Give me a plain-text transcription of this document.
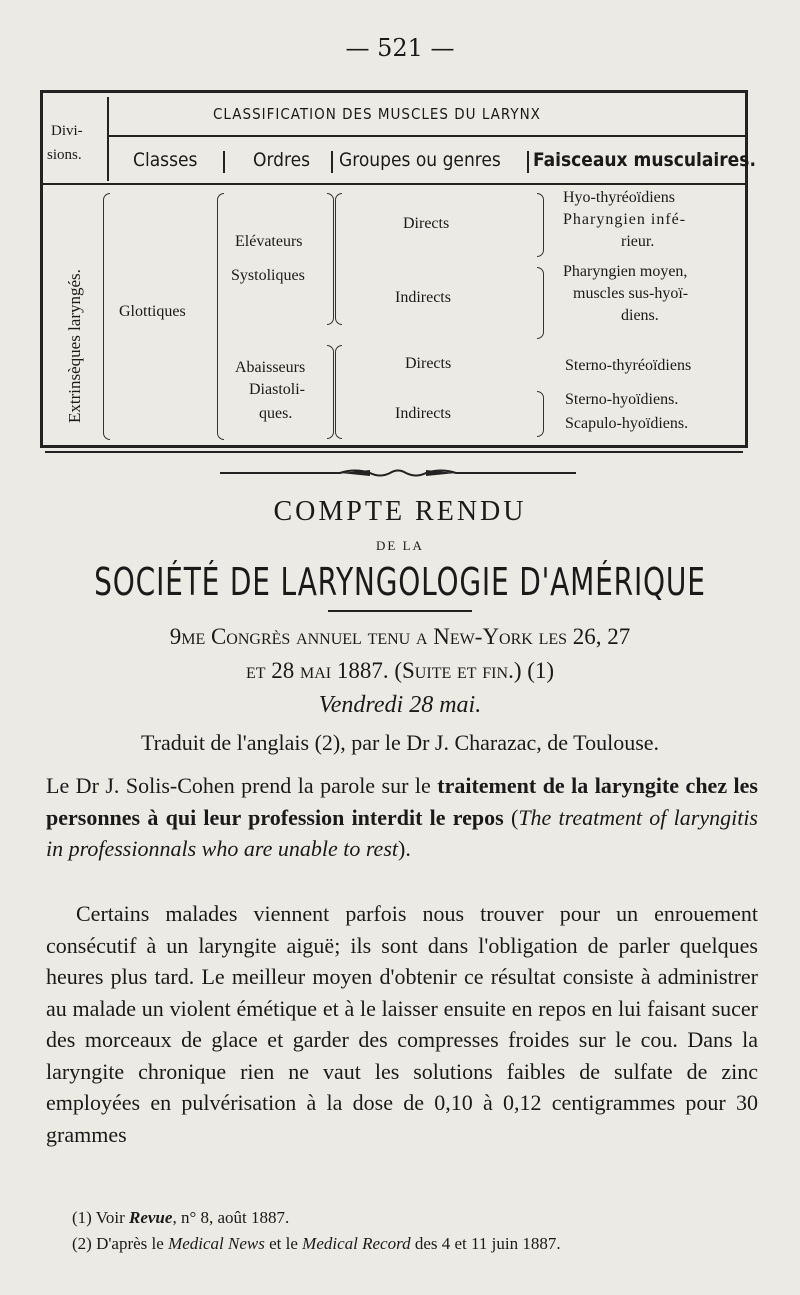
— 521 —
CLASSIFICATION DES MUSCLES DU LARYNX
Divi-
sions.	Classes	Ordres Groupes ou genres Faisceaux musculaires.
Extrinsèques laryngés. Glottiques
Elévateurs
Systoliques
Abaisseurs
Diastoli-
ques.
Directs
Indirects
Directs
Indirects
Hyo-thyréoïdiens
Pharyngien infé-
rieur.
Pharyngien moyen,
muscles sus-hyoï-
diens.
Sterno-thyréoïdiens
Sterno-hyoïdiens.
Scapulo-hyoïdiens.
COMPTE RENDU
DE LA
SOCIÉTÉ DE LARYNGOLOGIE D'AMÉRIQUE
9me Congrès annuel tenu a New-York les 26, 27
et 28 mai 1887. (Suite et fin.) (1)
Vendredi 28 mai.
Traduit de l'anglais (2), par le Dr J. Charazac, de Toulouse.
Le Dr J. Solis-Cohen prend la parole sur le traitement de la laryngite chez les personnes à qui leur profession interdit le repos (The treatment of laryngitis in professionnals who are unable to rest).
Certains malades viennent parfois nous trouver pour un enrouement consécutif à un laryngite aiguë; ils sont dans l'obligation de parler quelques heures plus tard. Le meilleur moyen d'obtenir ce résultat consiste à administrer au malade un violent émétique et à le laisser ensuite en repos en lui faisant sucer des morceaux de glace et garder des compresses froides sur le cou. Dans la laryngite chronique rien ne vaut les solutions faibles de sulfate de zinc employées en pulvérisation à la dose de 0,10 à 0,12 centigrammes pour 30 grammes
(1) Voir Revue, n° 8, août 1887.
(2) D'après le Medical News et le Medical Record des 4 et 11 juin 1887.
